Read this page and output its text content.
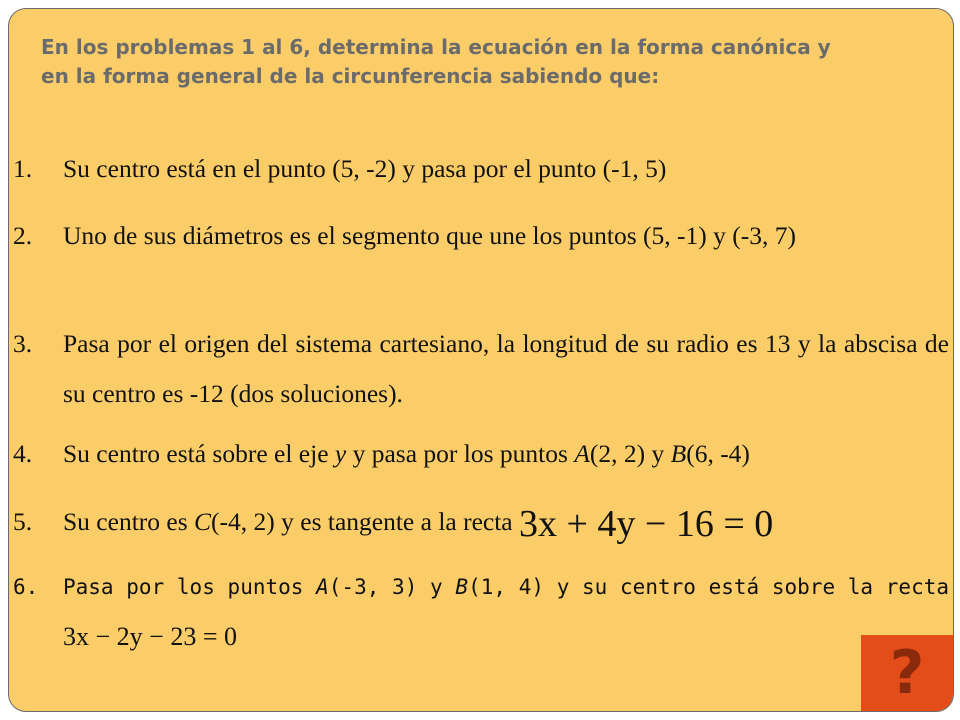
En los problemas 1 al 6, determina la ecuación en la forma canónica y en la forma general de la circunferencia sabiendo que:
1. Su centro está en el punto (5, -2) y pasa por el punto (-1, 5)
2. Uno de sus diámetros es el segmento que une los puntos (5, -1) y (-3, 7)
3. Pasa por el origen del sistema cartesiano, la longitud de su radio es 13 y la abscisa de su centro es -12 (dos soluciones).
4. Su centro está sobre el eje y y pasa por los puntos A(2, 2) y B(6, -4)
5. Su centro es C(-4, 2) y es tangente a la recta 3x + 4y − 16 = 0
6. Pasa por los puntos A(-3, 3) y B(1, 4) y su centro está sobre la recta 3x − 2y − 23 = 0
?
